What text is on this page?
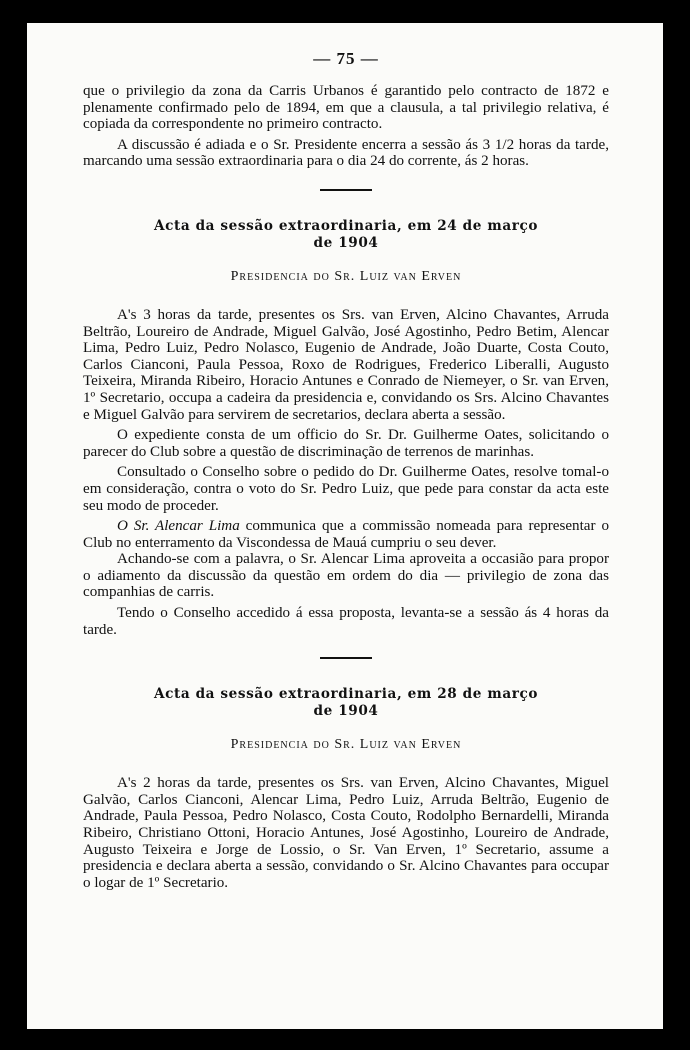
— 75 —

que o privilegio da zona da Carris Urbanos é garantido pelo contracto de 1872 e plenamente confirmado pelo de 1894, em que a clausula, a tal privilegio relativa, é copiada da correspondente no primeiro contracto.

A discussão é adiada e o Sr. Presidente encerra a sessão ás 3 1/2 horas da tarde, marcando uma sessão extraordinaria para o dia 24 do corrente, ás 2 horas.

Acta da sessão extraordinaria, em 24 de março
de 1904
Presidencia do Sr. Luiz van Erven

A's 3 horas da tarde, presentes os Srs. van Erven, Alcino Chavantes, Arruda Beltrão, Loureiro de Andrade, Miguel Galvão, José Agostinho, Pedro Betim, Alencar Lima, Pedro Luiz, Pedro Nolasco, Eugenio de Andrade, João Duarte, Costa Couto, Carlos Cianconi, Paula Pessoa, Roxo de Rodrigues, Frederico Liberalli, Augusto Teixeira, Miranda Ribeiro, Horacio Antunes e Conrado de Niemeyer, o Sr. van Erven, 1º Secretario, occupa a cadeira da presidencia e, convidando os Srs. Alcino Chavantes e Miguel Galvão para servirem de secretarios, declara aberta a sessão.

O expediente consta de um officio do Sr. Dr. Guilherme Oates, solicitando o parecer do Club sobre a questão de discriminação de terrenos de marinhas.

Consultado o Conselho sobre o pedido do Dr. Guilherme Oates, resolve tomal-o em consideração, contra o voto do Sr. Pedro Luiz, que pede para constar da acta este seu modo de proceder.

O Sr. Alencar Lima communica que a commissão nomeada para representar o Club no enterramento da Viscondessa de Mauá cumpriu o seu dever.

Achando-se com a palavra, o Sr. Alencar Lima aproveita a occasião para propor o adiamento da discussão da questão em ordem do dia — privilegio de zona das companhias de carris.

Tendo o Conselho accedido á essa proposta, levanta-se a sessão ás 4 horas da tarde.

Acta da sessão extraordinaria, em 28 de março
de 1904
Presidencia do Sr. Luiz van Erven

A's 2 horas da tarde, presentes os Srs. van Erven, Alcino Chavantes, Miguel Galvão, Carlos Cianconi, Alencar Lima, Pedro Luiz, Arruda Beltrão, Eugenio de Andrade, Paula Pessoa, Pedro Nolasco, Costa Couto, Rodolpho Bernardelli, Miranda Ribeiro, Christiano Ottoni, Horacio Antunes, José Agostinho, Loureiro de Andrade, Augusto Teixeira e Jorge de Lossio, o Sr. Van Erven, 1º Secretario, assume a presidencia e declara aberta a sessão, convidando o Sr. Alcino Chavantes para occupar o logar de 1º Secretario.
